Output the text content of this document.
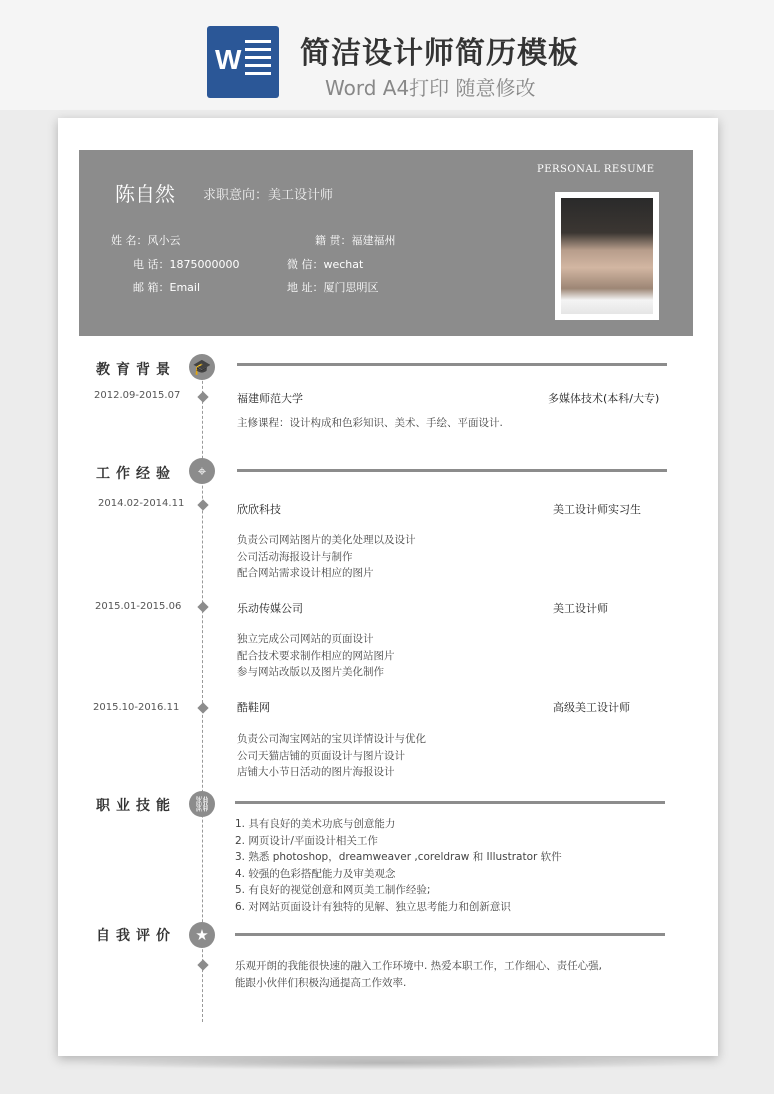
W 简洁设计师简历模板
Word A4打印 随意修改
陈自然 求职意向：美工设计师
PERSONAL RESUME
姓 名：风小云	籍 贯：福建福州
电 话：1875000000	微 信：wechat
邮 箱：Email	地 址：厦门思明区
教育背景 🎓
2012.09-2015.07	福建师范大学	多媒体技术(本科/大专)
主修课程：设计构成和色彩知识、美术、手绘、平面设计.
工作经验	⌖
2014.02-2014.11	欣欣科技	美工设计师实习生
负责公司网站图片的美化处理以及设计
公司活动海报设计与制作
配合网站需求设计相应的图片
2015.01-2015.06	乐动传媒公司	美工设计师
独立完成公司网站的页面设计
配合技术要求制作相应的网站图片
参与网站改版以及图片美化制作
2015.10-2016.11	酷鞋网	高级美工设计师
负责公司淘宝网站的宝贝详情设计与优化
公司天猫店铺的页面设计与图片设计
店铺大小节日活动的图片海报设计
职业技能 ⛓
1. 具有良好的美术功底与创意能力
2. 网页设计/平面设计相关工作
3. 熟悉 photoshop，dreamweaver ,coreldraw 和 Illustrator 软件
4. 较强的色彩搭配能力及审美观念
5. 有良好的视觉创意和网页美工制作经验;
6. 对网站页面设计有独特的见解、独立思考能力和创新意识
自我评价	★
乐观开朗的我能很快速的融入工作环境中. 热爱本职工作，工作细心、责任心强,
能跟小伙伴们积极沟通提高工作效率.
